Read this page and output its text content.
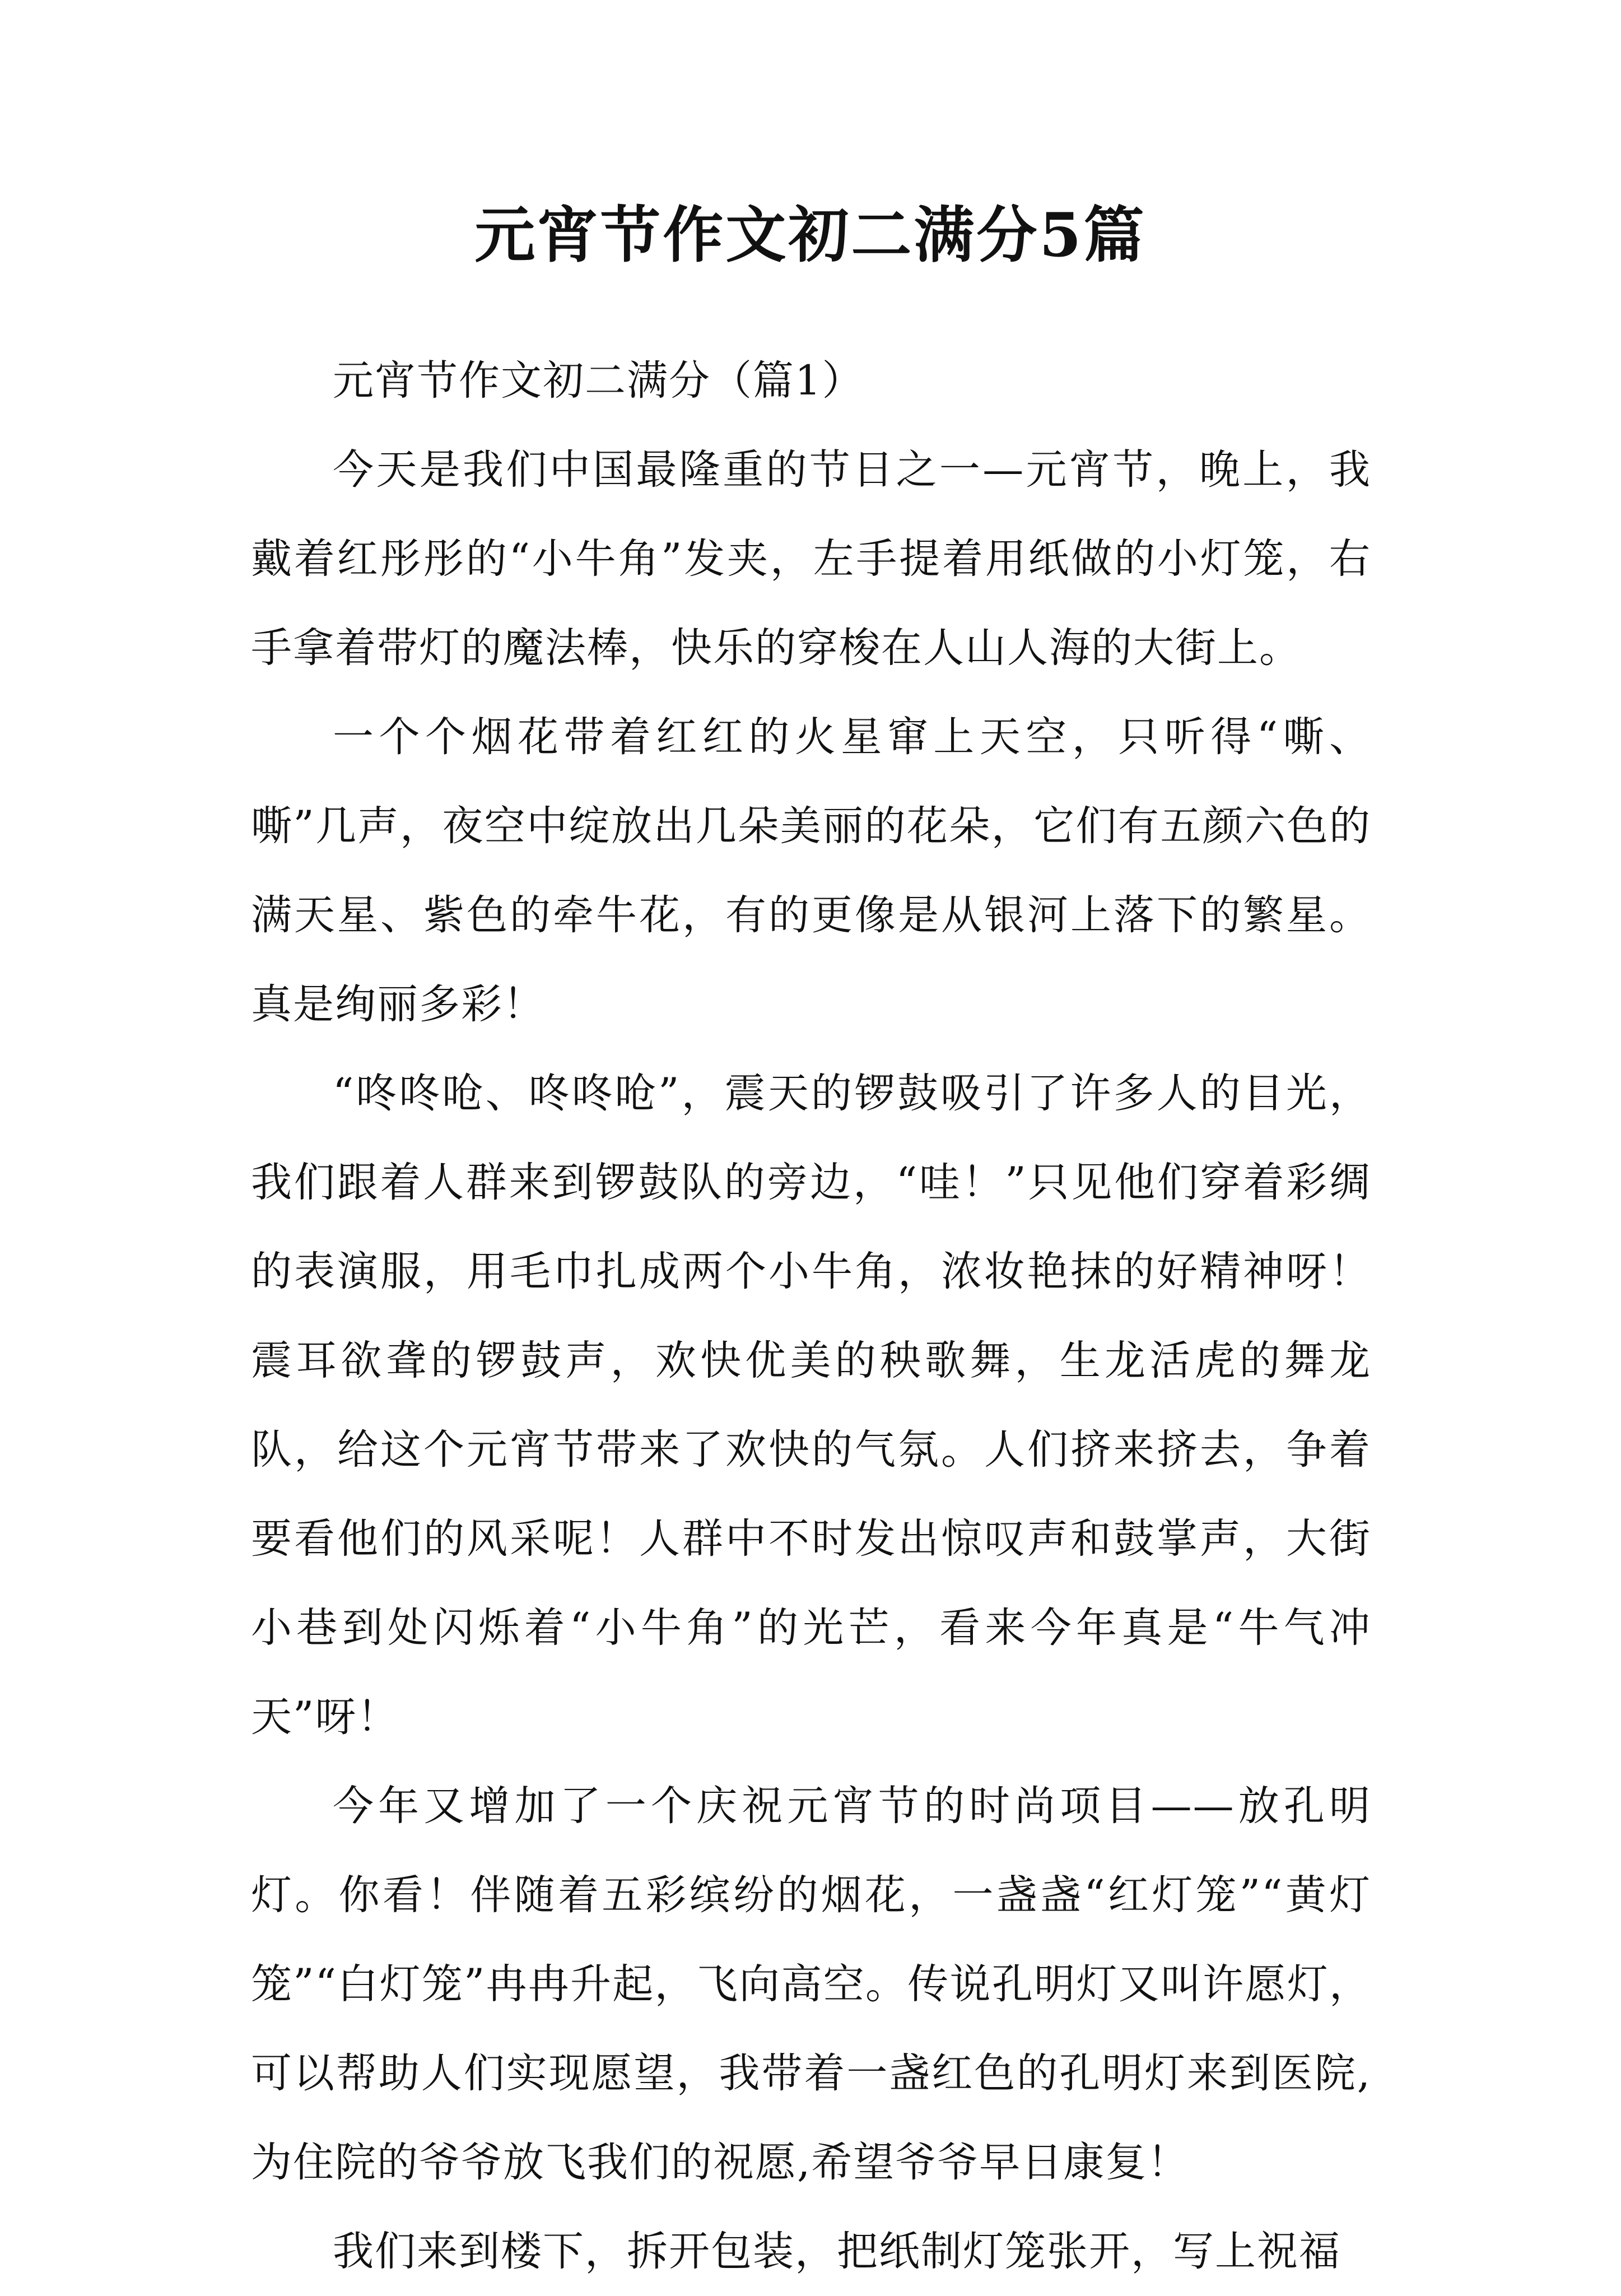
元宵节作文初二满分5篇

元宵节作文初二满分（篇1）

今天是我们中国最隆重的节日之一—元宵节，晚上，我戴着红彤彤的“小牛角”发夹，左手提着用纸做的小灯笼，右手拿着带灯的魔法棒，快乐的穿梭在人山人海的大街上。

一个个烟花带着红红的火星窜上天空，只听得“嘶、嘶”几声，夜空中绽放出几朵美丽的花朵，它们有五颜六色的满天星、紫色的牵牛花，有的更像是从银河上落下的繁星。真是绚丽多彩！

“咚咚呛、咚咚呛”，震天的锣鼓吸引了许多人的目光，我们跟着人群来到锣鼓队的旁边，“哇！”只见他们穿着彩绸的表演服，用毛巾扎成两个小牛角，浓妆艳抹的好精神呀！震耳欲聋的锣鼓声，欢快优美的秧歌舞，生龙活虎的舞龙队，给这个元宵节带来了欢快的气氛。人们挤来挤去，争着要看他们的风采呢！人群中不时发出惊叹声和鼓掌声，大街小巷到处闪烁着“小牛角”的光芒，看来今年真是“牛气冲天”呀！

今年又增加了一个庆祝元宵节的时尚项目——放孔明灯。你看！伴随着五彩缤纷的烟花，一盏盏“红灯笼”“黄灯笼”“白灯笼”冉冉升起，飞向高空。传说孔明灯又叫许愿灯，可以帮助人们实现愿望，我带着一盏红色的孔明灯来到医院,为住院的爷爷放飞我们的祝愿,希望爷爷早日康复！

我们来到楼下，拆开包装，把纸制灯笼张开，写上祝福
